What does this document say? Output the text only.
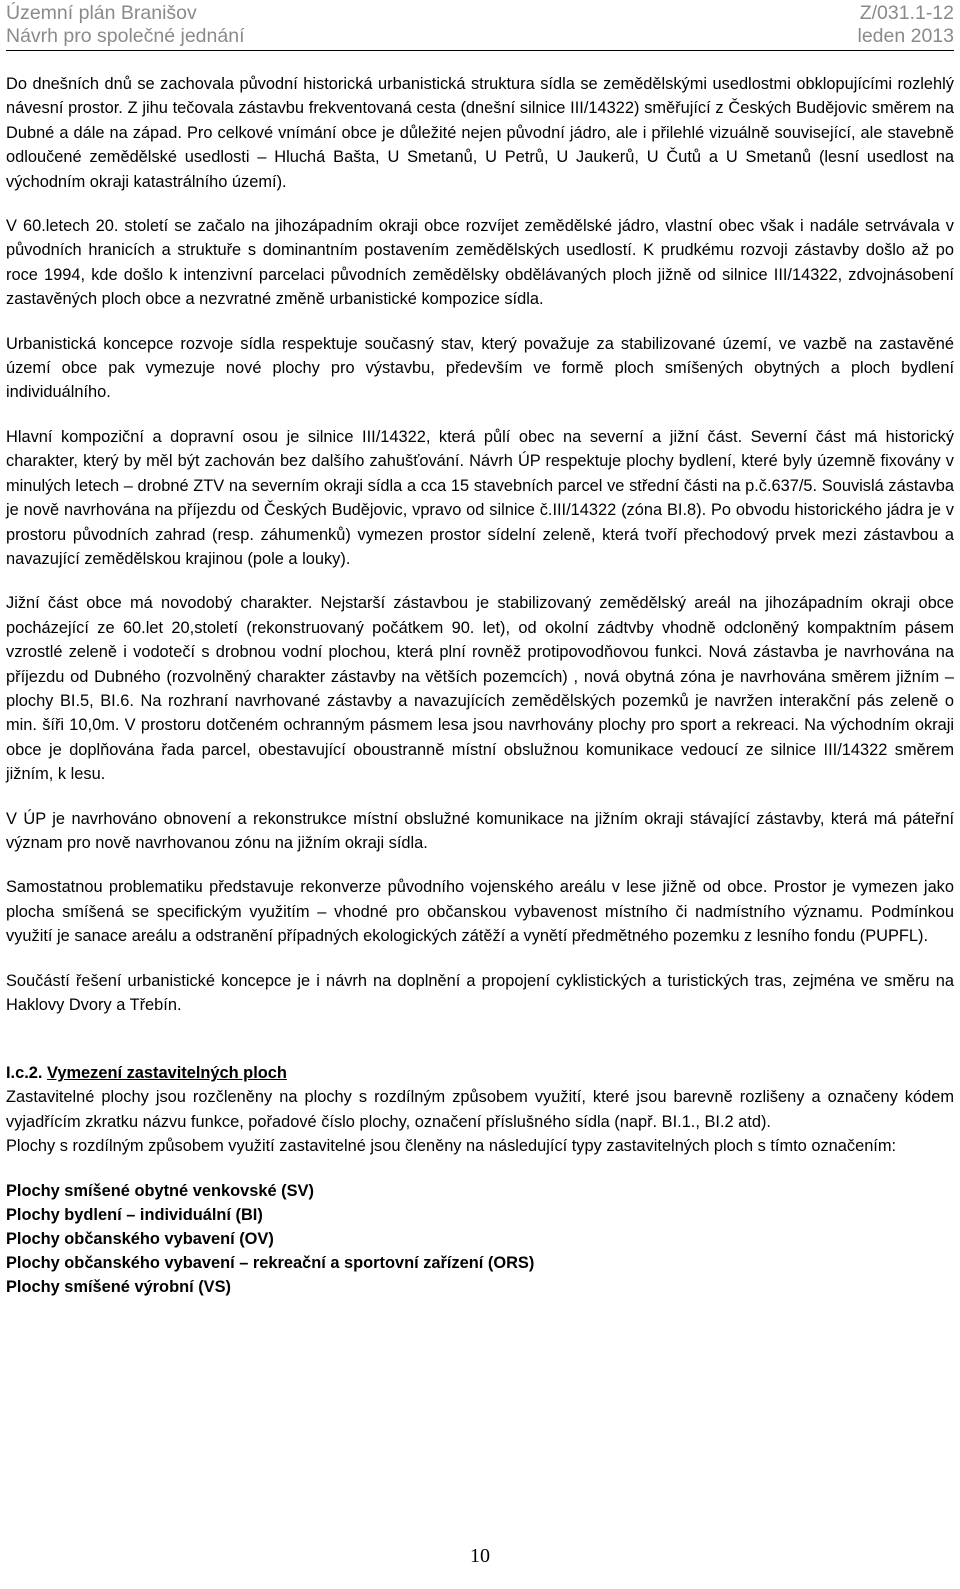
Územní plán Branišov	Z/031.1-12
Návrh pro společné jednání	leden 2013

Do dnešních dnů se zachovala původní historická urbanistická struktura sídla se zemědělskými usedlostmi obklopujícími rozlehlý návesní prostor. Z jihu tečovala zástavbu frekventovaná cesta (dnešní silnice III/14322) směřující z Českých Budějovic směrem na Dubné a dále na západ. Pro celkové vnímání obce je důležité nejen původní jádro, ale i přilehlé vizuálně související, ale stavebně odloučené zemědělské usedlosti – Hluchá Bašta, U Smetanů, U Petrů, U Jaukerů, U Čutů a U Smetanů (lesní usedlost na východním okraji katastrálního území).

V 60.letech 20. století se začalo na jihozápadním okraji obce rozvíjet zemědělské jádro, vlastní obec však i nadále setrvávala v původních hranicích a struktuře s dominantním postavením zemědělských usedlostí. K prudkému rozvoji zástavby došlo až po roce 1994, kde došlo k intenzivní parcelaci původních zemědělsky obdělávaných ploch jižně od silnice III/14322, zdvojnásobení zastavěných ploch obce a nezvratné změně urbanistické kompozice sídla.

Urbanistická koncepce rozvoje sídla respektuje současný stav, který považuje za stabilizované území, ve vazbě na zastavěné území obce pak vymezuje nové plochy pro výstavbu, především ve formě ploch smíšených obytných a ploch bydlení individuálního.

Hlavní kompoziční a dopravní osou je silnice III/14322, která půlí obec na severní a jižní část. Severní část má historický charakter, který by měl být zachován bez dalšího zahušťování. Návrh ÚP respektuje plochy bydlení, které byly územně fixovány v minulých letech – drobné ZTV na severním okraji sídla a cca 15 stavebních parcel ve střední části na p.č.637/5. Souvislá zástavba je nově navrhována na příjezdu od Českých Budějovic, vpravo od silnice č.III/14322 (zóna BI.8). Po obvodu historického jádra je v prostoru původních zahrad (resp. záhumenků) vymezen prostor sídelní zeleně, která tvoří přechodový prvek mezi zástavbou a navazující zemědělskou krajinou (pole a louky).

Jižní část obce má novodobý charakter. Nejstarší zástavbou je stabilizovaný zemědělský areál na jihozápadním okraji obce pocházející ze 60.let 20,století (rekonstruovaný počátkem 90. let), od okolní zádtvby vhodně odcloněný kompaktním pásem vzrostlé zeleně i vodotečí s drobnou vodní plochou, která plní rovněž protipovodňovou funkci. Nová zástavba je navrhována na příjezdu od Dubného (rozvolněný charakter zástavby na větších pozemcích) , nová obytná zóna je navrhována směrem jižním – plochy BI.5, BI.6. Na rozhraní navrhované zástavby a navazujících zemědělských pozemků je navržen interakční pás zeleně o min. šíři 10,0m. V prostoru dotčeném ochranným pásmem lesa jsou navrhovány plochy pro sport a rekreaci. Na východním okraji obce je doplňována řada parcel, obestavující oboustranně místní obslužnou komunikace vedoucí ze silnice III/14322 směrem jižním, k lesu.

V ÚP je navrhováno obnovení a rekonstrukce místní obslužné komunikace na jižním okraji stávající zástavby, která má páteřní význam pro nově navrhovanou zónu na jižním okraji sídla.

Samostatnou problematiku představuje rekonverze původního vojenského areálu v lese jižně od obce. Prostor je vymezen jako plocha smíšená se specifickým využitím – vhodné pro občanskou vybavenost místního či nadmístního významu. Podmínkou využití je sanace areálu a odstranění případných ekologických zátěží a vynětí předmětného pozemku z lesního fondu (PUPFL).

Součástí řešení urbanistické koncepce je i návrh na doplnění a propojení cyklistických a turistických tras, zejména ve směru na Haklovy Dvory a Třebín.

I.c.2. Vymezení zastavitelných ploch

Zastavitelné plochy jsou rozčleněny na plochy s rozdílným způsobem využití, které jsou barevně rozlišeny a označeny kódem vyjadřícím zkratku názvu funkce, pořadové číslo plochy, označení příslušného sídla (např. BI.1., BI.2 atd).

Plochy s rozdílným způsobem využití zastavitelné jsou členěny na následující typy zastavitelných ploch s tímto označením:

Plochy smíšené obytné venkovské (SV)
Plochy bydlení – individuální (BI)
Plochy občanského vybavení (OV)
Plochy občanského vybavení – rekreační a sportovní zařízení (ORS)
Plochy smíšené výrobní (VS)
10
